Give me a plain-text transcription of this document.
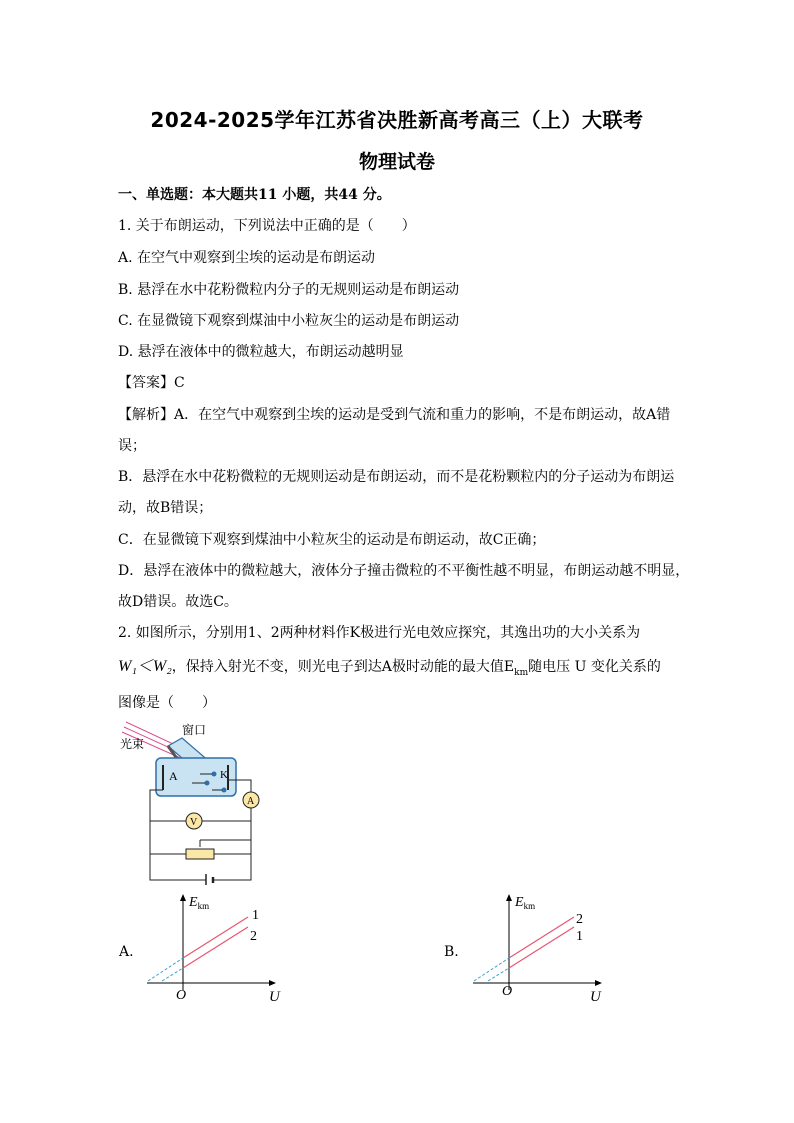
2024-2025学年江苏省决胜新高考高三（上）大联考
物理试卷
一、单选题：本大题共11 小题，共44 分。
1. 关于布朗运动，下列说法中正确的是（　　）
A. 在空气中观察到尘埃的运动是布朗运动
B. 悬浮在水中花粉微粒内分子的无规则运动是布朗运动
C. 在显微镜下观察到煤油中小粒灰尘的运动是布朗运动
D. 悬浮在液体中的微粒越大，布朗运动越明显
【答案】C
【解析】A．在空气中观察到尘埃的运动是受到气流和重力的影响，不是布朗运动，故A错
误；
B．悬浮在水中花粉微粒的无规则运动是布朗运动，而不是花粉颗粒内的分子运动为布朗运
动，故B错误；
C．在显微镜下观察到煤油中小粒灰尘的运动是布朗运动，故C正确；
D．悬浮在液体中的微粒越大，液体分子撞击微粒的不平衡性越不明显，布朗运动越不明显，
故D错误。故选C。
2. 如图所示，分别用1、2两种材料作K极进行光电效应探究，其逸出功的大小关系为
W₁＜W₂，保持入射光不变，则光电子到达A极时动能的最大值$E_{km}$随电压 U 变化关系的
图像是（　　）
光束
窗口
A	K
A
V
A.
$E_{km}$
U
O
1
2
B.
$E_{km}$
U
O
2
1
